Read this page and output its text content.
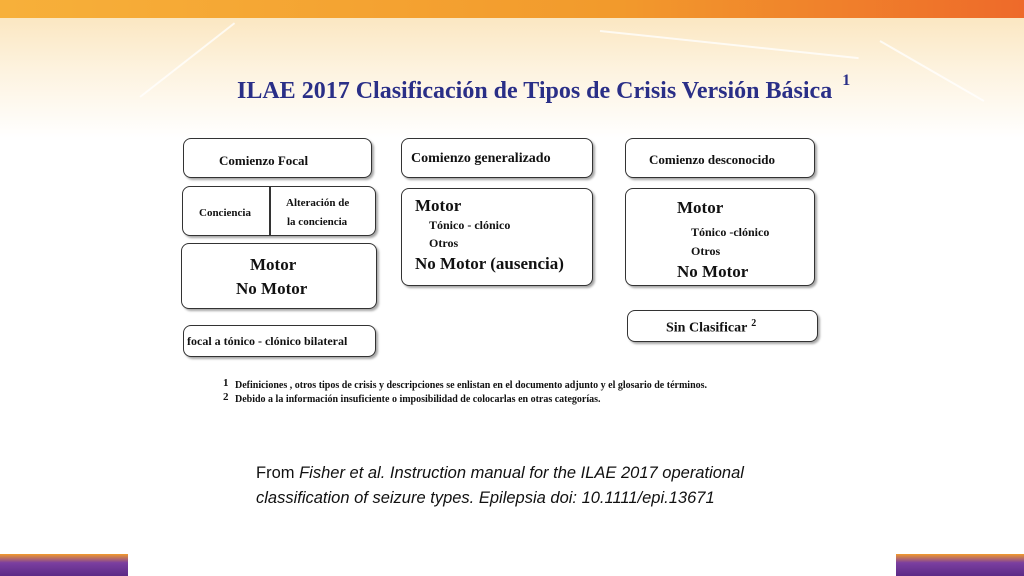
ILAE 2017 Clasificación de Tipos de Crisis Versión Básica $^1$
Comienzo Focal
Conciencia
Alteración de
la conciencia
Motor
No Motor
focal a tónico - clónico bilateral
Comienzo generalizado
Motor
Tónico - clónico
Otros
No Motor (ausencia)
Comienzo desconocido
Motor
Tónico -clónico
Otros
No Motor
Sin Clasificar $^2$
1 Definiciones , otros tipos de crisis y descripciones se enlistan en el documento adjunto y el glosario de términos.
2 Debido a la información insuficiente o imposibilidad de colocarlas en otras categorías.
From Fisher et al. Instruction manual for the ILAE 2017 operational
classification of seizure types. Epilepsia doi: 10.1111/epi.13671
